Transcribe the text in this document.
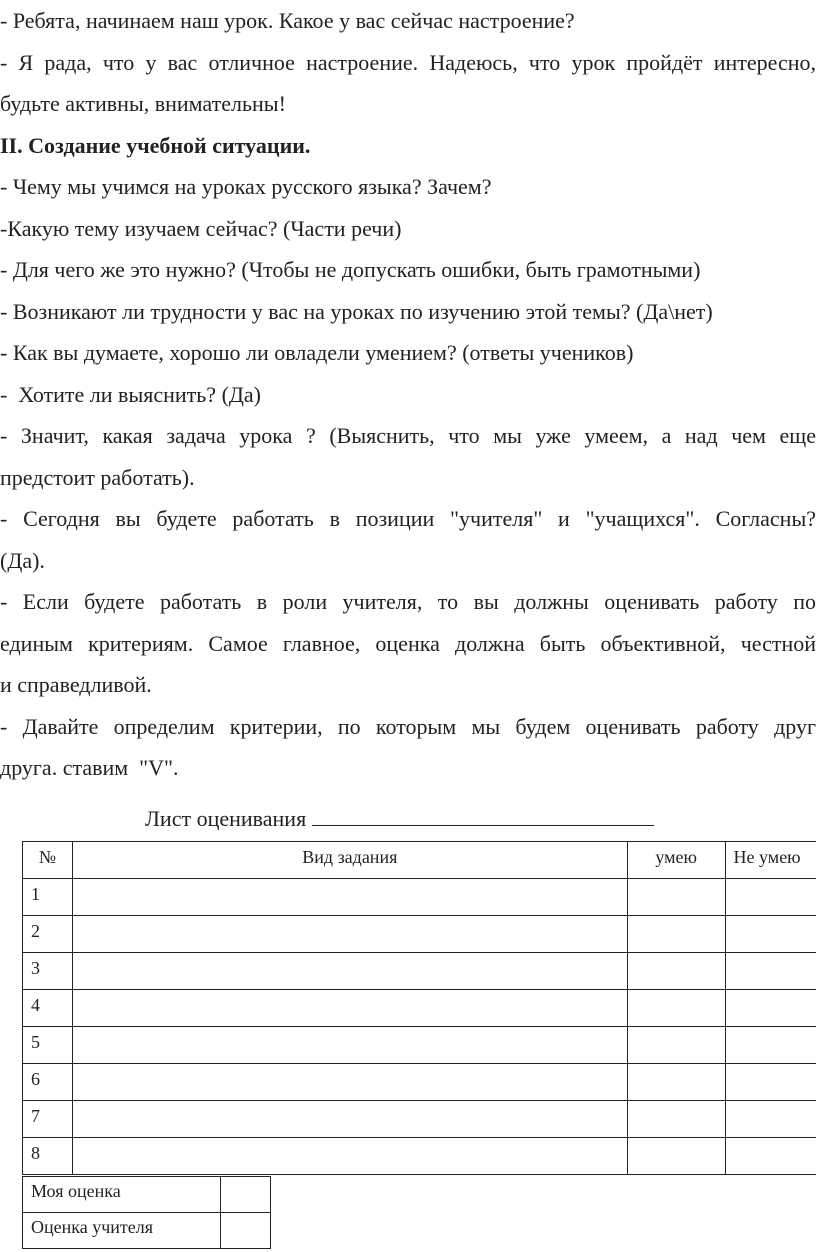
- Ребята, начинаем наш урок. Какое у вас сейчас настроение?
- Я рада, что у вас отличное настроение. Надеюсь, что урок пройдёт интересно,
будьте активны, внимательны!
II. Создание учебной ситуации.
- Чему мы учимся на уроках русского языка? Зачем?
-Какую тему изучаем сейчас? (Части речи)
- Для чего же это нужно? (Чтобы не допускать ошибки, быть грамотными)
- Возникают ли трудности у вас на уроках по изучению этой темы? (Да\нет)
- Как вы думаете, хорошо ли овладели умением? (ответы учеников)
-  Хотите ли выяснить? (Да)
- Значит, какая задача урока ? (Выяснить, что мы уже умеем, а над чем еще
предстоит работать).
- Сегодня вы будете работать в позиции "учителя" и "учащихся". Согласны?
(Да).
- Если будете работать в роли учителя, то вы должны оценивать работу по
единым критериям. Самое главное, оценка должна быть объективной, честной
и справедливой.
- Давайте определим критерии, по которым мы будем оценивать работу друг
друга. ставим  "V".
Лист оценивания
№	Вид задания	умею	Не умею
1			
2			
3			
4			
5			
6			
7			
8			
Моя оценка	
Оценка учителя	
